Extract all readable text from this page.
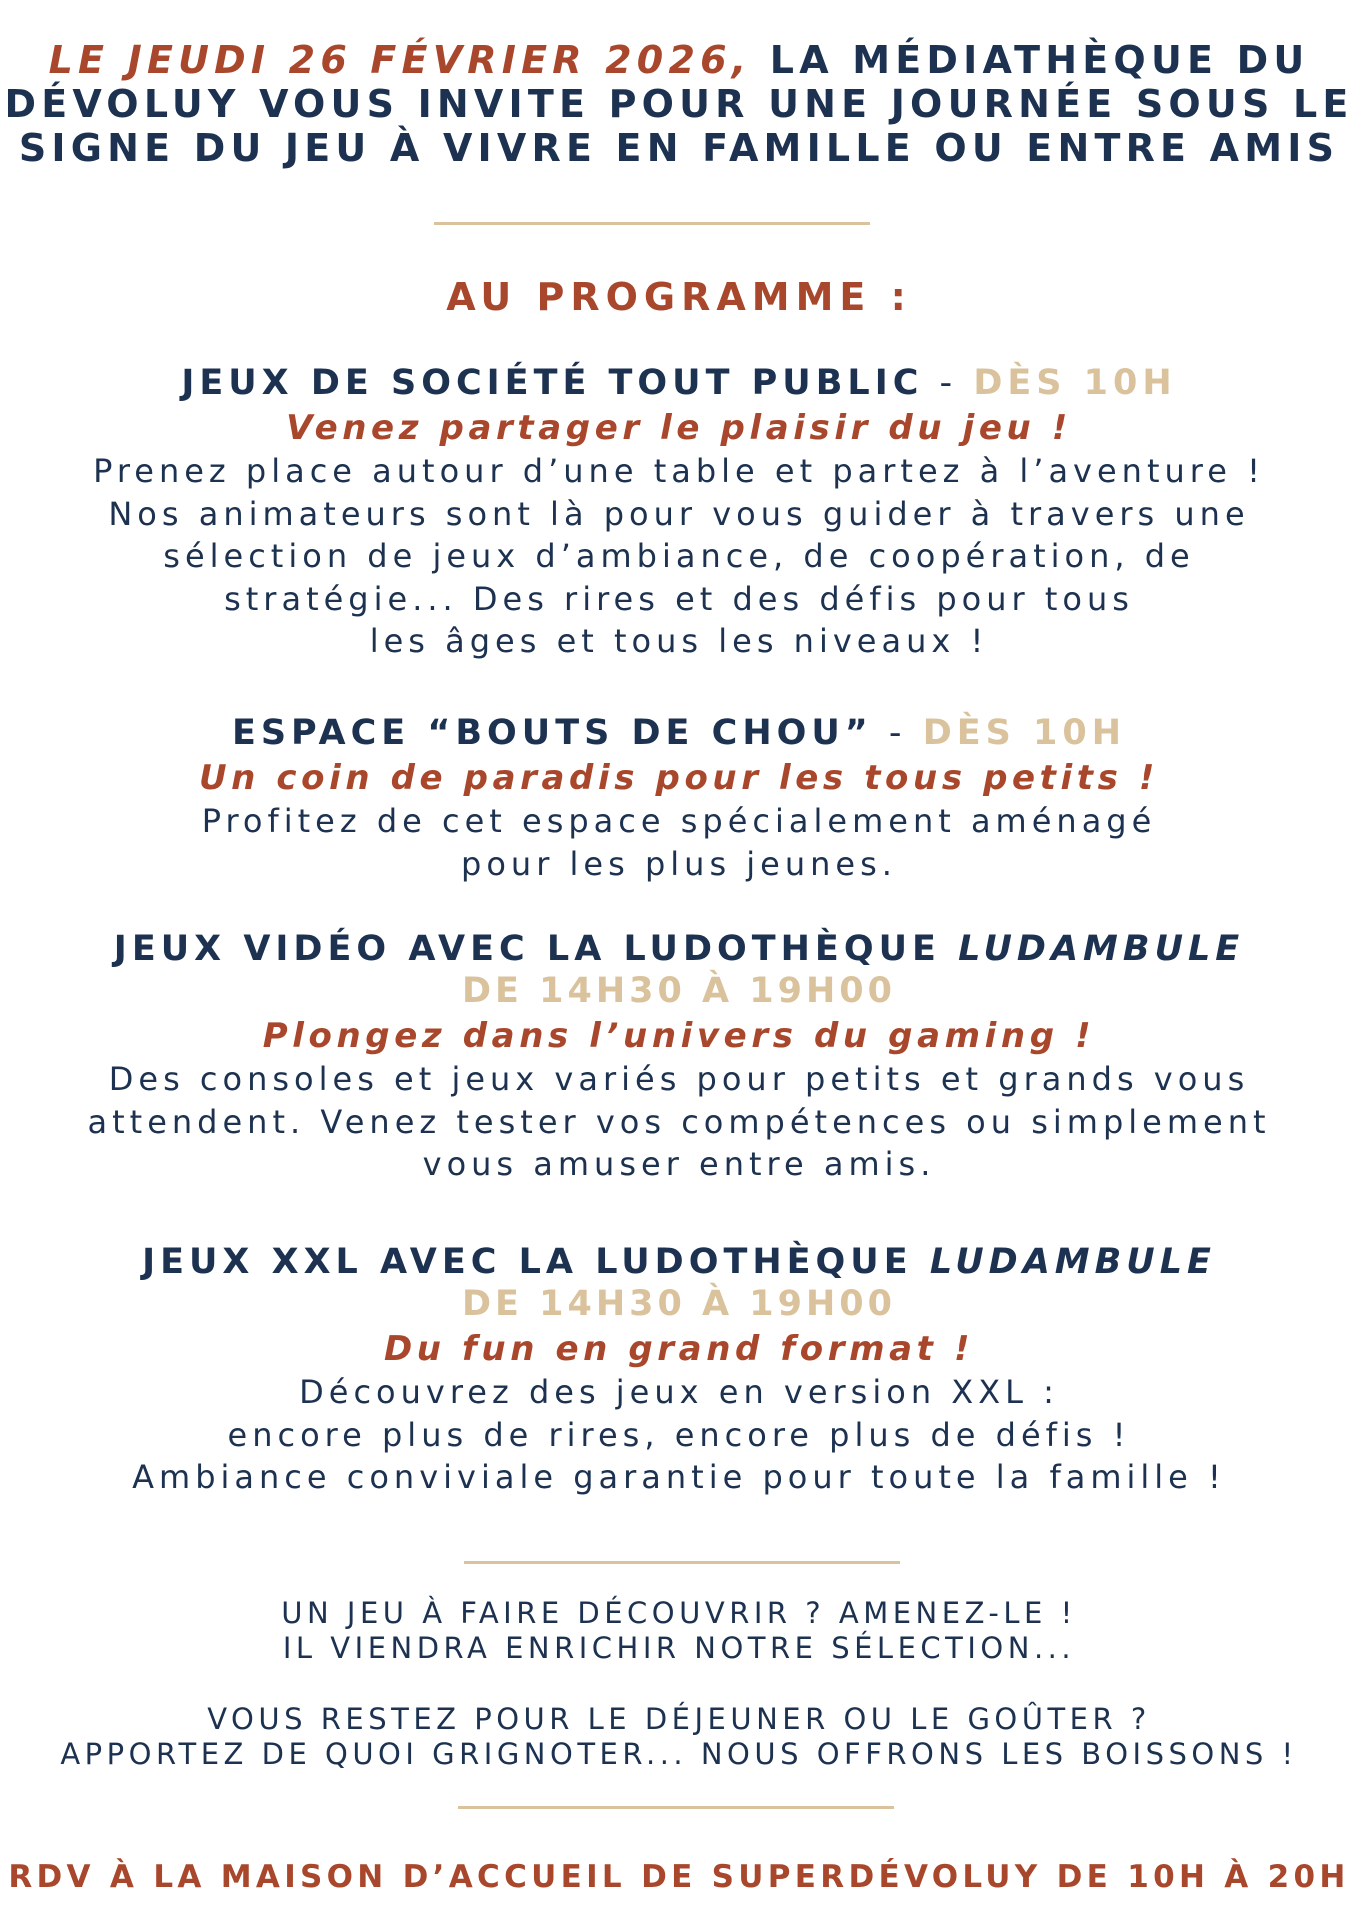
LE JEUDI 26 FÉVRIER 2026, LA MÉDIATHÈQUE DU
DÉVOLUY VOUS INVITE POUR UNE JOURNÉE SOUS LE
SIGNE DU JEU À VIVRE EN FAMILLE OU ENTRE AMIS
AU PROGRAMME :
JEUX DE SOCIÉTÉ TOUT PUBLIC - DÈS 10H
Venez partager le plaisir du jeu !
Prenez place autour d’une table et partez à l’aventure !
Nos animateurs sont là pour vous guider à travers une
sélection de jeux d’ambiance, de coopération, de
stratégie... Des rires et des défis pour tous
les âges et tous les niveaux !
ESPACE “BOUTS DE CHOU” - DÈS 10H
Un coin de paradis pour les tous petits !
Profitez de cet espace spécialement aménagé
pour les plus jeunes.
JEUX VIDÉO AVEC LA LUDOTHÈQUE LUDAMBULE
DE 14H30 À 19H00
Plongez dans l’univers du gaming !
Des consoles et jeux variés pour petits et grands vous
attendent. Venez tester vos compétences ou simplement
vous amuser entre amis.
JEUX XXL AVEC LA LUDOTHÈQUE LUDAMBULE
DE 14H30 À 19H00
Du fun en grand format !
Découvrez des jeux en version XXL :
encore plus de rires, encore plus de défis !
Ambiance conviviale garantie pour toute la famille !
UN JEU À FAIRE DÉCOUVRIR ? AMENEZ-LE !
IL VIENDRA ENRICHIR NOTRE SÉLECTION...
VOUS RESTEZ POUR LE DÉJEUNER OU LE GOÛTER ?
APPORTEZ DE QUOI GRIGNOTER... NOUS OFFRONS LES BOISSONS !
RDV À LA MAISON D’ACCUEIL DE SUPERDÉVOLUY DE 10H À 20H
